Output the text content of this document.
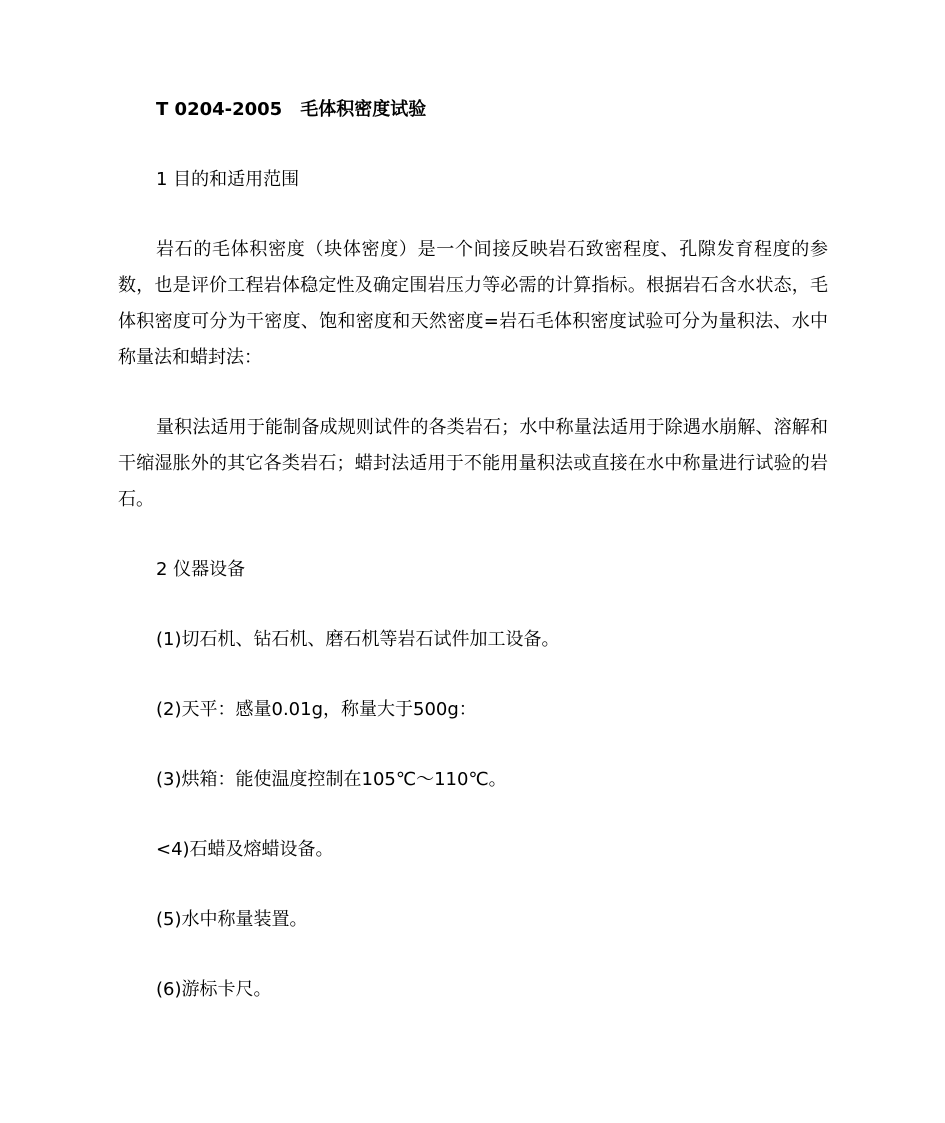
T 0204-2005 毛体积密度试验

1 目的和适用范围

岩石的毛体积密度（块体密度）是一个间接反映岩石致密程度、孔隙发育程度的参数，也是评价工程岩体稳定性及确定围岩压力等必需的计算指标。根据岩石含水状态，毛体积密度可分为干密度、饱和密度和天然密度=岩石毛体积密度试验可分为量积法、水中称量法和蜡封法：

量积法适用于能制备成规则试件的各类岩石；水中称量法适用于除遇水崩解、溶解和干缩湿胀外的其它各类岩石；蜡封法适用于不能用量积法或直接在水中称量进行试验的岩石。

2 仪器设备

(1)切石机、钻石机、磨石机等岩石试件加工设备。

(2)天平：感量0.01g，称量大于500g：

(3)烘箱：能使温度控制在105℃～110℃。

<4)石蜡及熔蜡设备。

(5)水中称量装置。

(6)游标卡尺。
